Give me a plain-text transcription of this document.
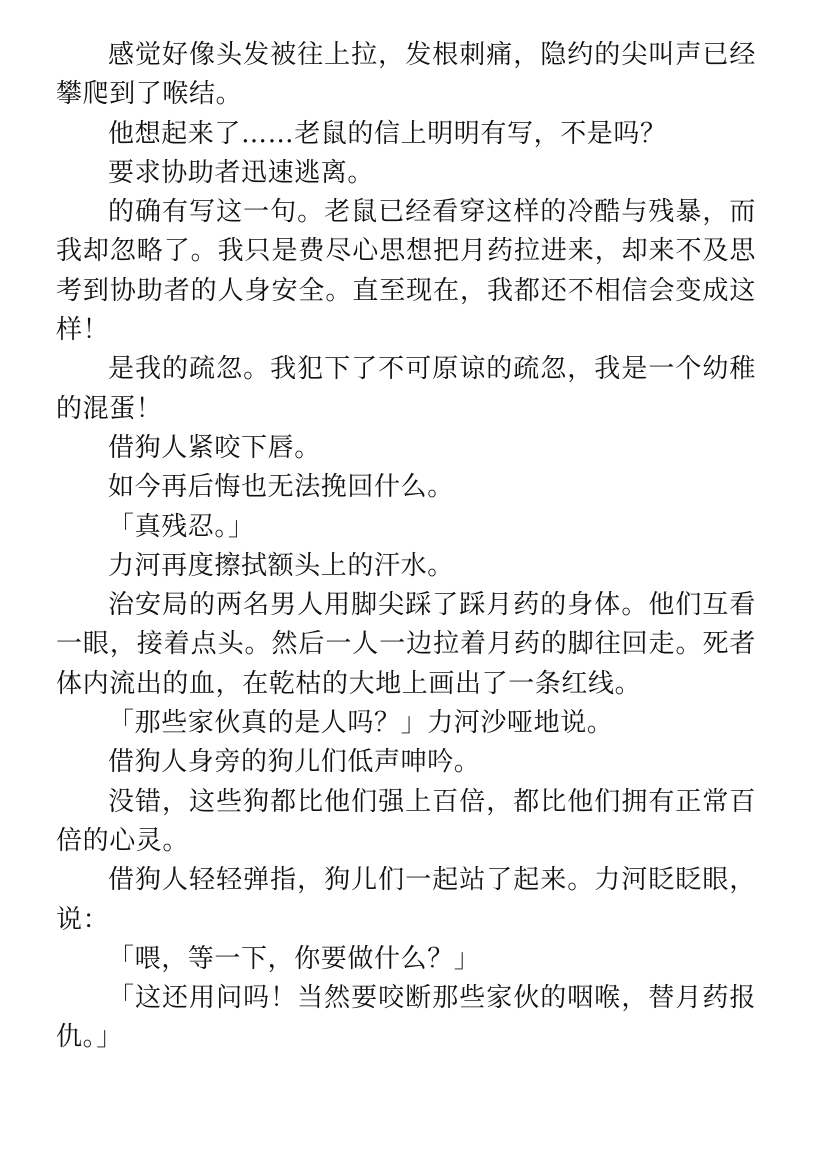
感觉好像头发被往上拉，发根刺痛，隐约的尖叫声已经攀爬到了喉结。

他想起来了……老鼠的信上明明有写，不是吗？

要求协助者迅速逃离。

的确有写这一句。老鼠已经看穿这样的冷酷与残暴，而我却忽略了。我只是费尽心思想把月药拉进来，却来不及思考到协助者的人身安全。直至现在，我都还不相信会变成这样！

是我的疏忽。我犯下了不可原谅的疏忽，我是一个幼稚的混蛋！

借狗人紧咬下唇。

如今再后悔也无法挽回什么。

「真残忍。」

力河再度擦拭额头上的汗水。

治安局的两名男人用脚尖踩了踩月药的身体。他们互看一眼，接着点头。然后一人一边拉着月药的脚往回走。死者体内流出的血，在乾枯的大地上画出了一条红线。

「那些家伙真的是人吗？」力河沙哑地说。

借狗人身旁的狗儿们低声呻吟。

没错，这些狗都比他们强上百倍，都比他们拥有正常百倍的心灵。

借狗人轻轻弹指，狗儿们一起站了起来。力河眨眨眼，说：

「喂，等一下，你要做什么？」

「这还用问吗！当然要咬断那些家伙的咽喉，替月药报仇。」
